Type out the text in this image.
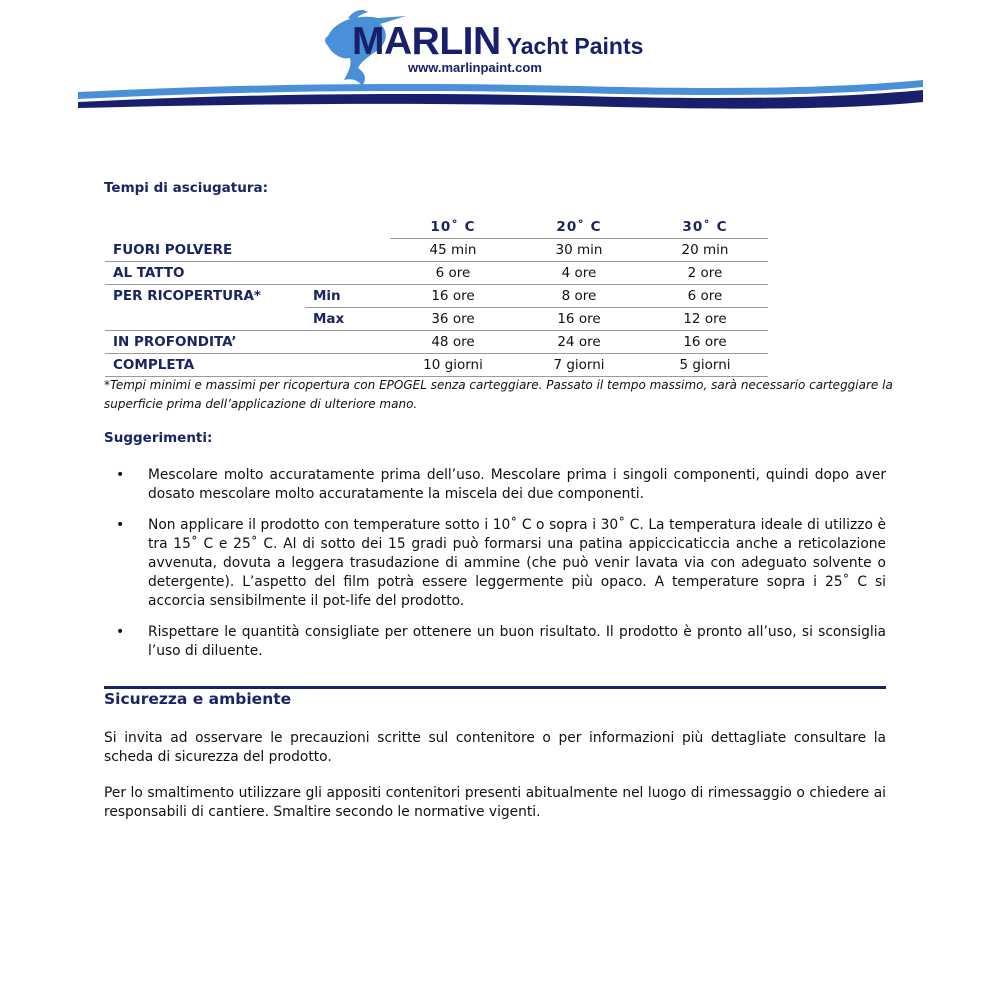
MARLIN Yacht Paints
www.marlinpaint.com
Tempi di asciugatura:
		10˚ C	20˚ C	30˚ C
FUORI POLVERE		45 min	30 min	20 min
AL TATTO		6 ore	4 ore	2 ore
PER RICOPERTURA*	Min	16 ore	8 ore	6 ore
	Max	36 ore	16 ore	12 ore
IN PROFONDITA’		48 ore	24 ore	16 ore
COMPLETA		10 giorni	7 giorni	5 giorni
*Tempi minimi e massimi per ricopertura con EPOGEL senza carteggiare. Passato il tempo massimo, sarà necessario carteggiare la superficie prima dell’applicazione di ulteriore mano.
Suggerimenti:
• Mescolare molto accuratamente prima dell’uso. Mescolare prima i singoli componenti, quindi dopo aver dosato mescolare molto accuratamente la miscela dei due componenti.
• Non applicare il prodotto con temperature sotto i 10˚ C o sopra i 30˚ C. La temperatura ideale di utilizzo è tra 15˚ C e 25˚ C. Al di sotto dei 15 gradi può formarsi una patina appiccicaticcia anche a reticolazione avvenuta, dovuta a leggera trasudazione di ammine (che può venir lavata via con adeguato solvente o detergente). L’aspetto del film potrà essere leggermente più opaco. A temperature sopra i 25˚ C si accorcia sensibilmente il pot-life del prodotto.
• Rispettare le quantità consigliate per ottenere un buon risultato. Il prodotto è pronto all’uso, si sconsiglia l’uso di diluente.
Sicurezza e ambiente
Si invita ad osservare le precauzioni scritte sul contenitore o per informazioni più dettagliate consultare la scheda di sicurezza del prodotto.
Per lo smaltimento utilizzare gli appositi contenitori presenti abitualmente nel luogo di rimessaggio o chiedere ai responsabili di cantiere. Smaltire secondo le normative vigenti.
